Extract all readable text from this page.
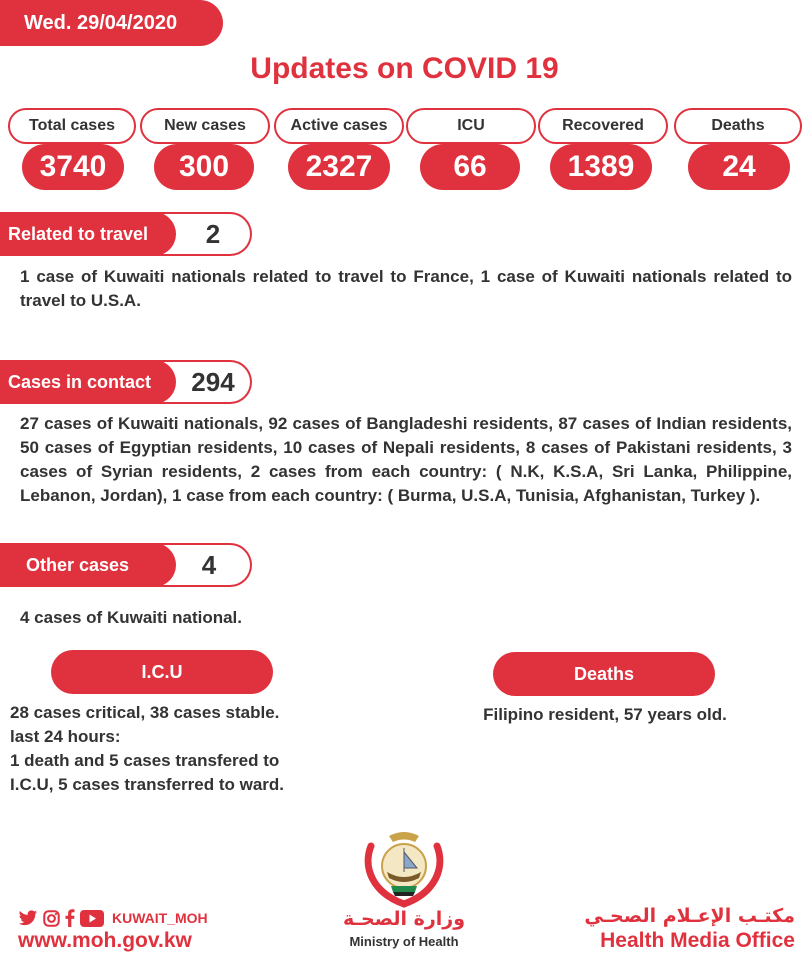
Wed. 29/04/2020
Updates on COVID 19
Total cases
3740
New cases
300
Active cases
2327
ICU
66
Recovered
1389
Deaths
24
Related to travel	2
1 case of Kuwaiti nationals related to travel to France, 1 case of Kuwaiti nationals related to travel to U.S.A.
Cases in contact	294
27 cases of Kuwaiti nationals, 92 cases of Bangladeshi residents, 87 cases of Indian residents, 50 cases of Egyptian residents, 10 cases of Nepali residents, 8 cases of Pakistani residents, 3 cases of Syrian residents, 2 cases from each country: ( N.K, K.S.A, Sri Lanka, Philippine, Lebanon, Jordan), 1 case from each country: ( Burma, U.S.A, Tunisia, Afghanistan, Turkey ).
Other cases	4
4 cases of Kuwaiti national.
I.C.U
28 cases critical, 38 cases stable.
last 24 hours:
1 death and 5 cases transfered to
I.C.U, 5 cases transferred to ward.
Deaths
Filipino resident, 57 years old.
KUWAIT_MOH
www.moh.gov.kw
وزارة الصحـة
Ministry of Health
مكتـب الإعـلام الصحـي
Health Media Office
